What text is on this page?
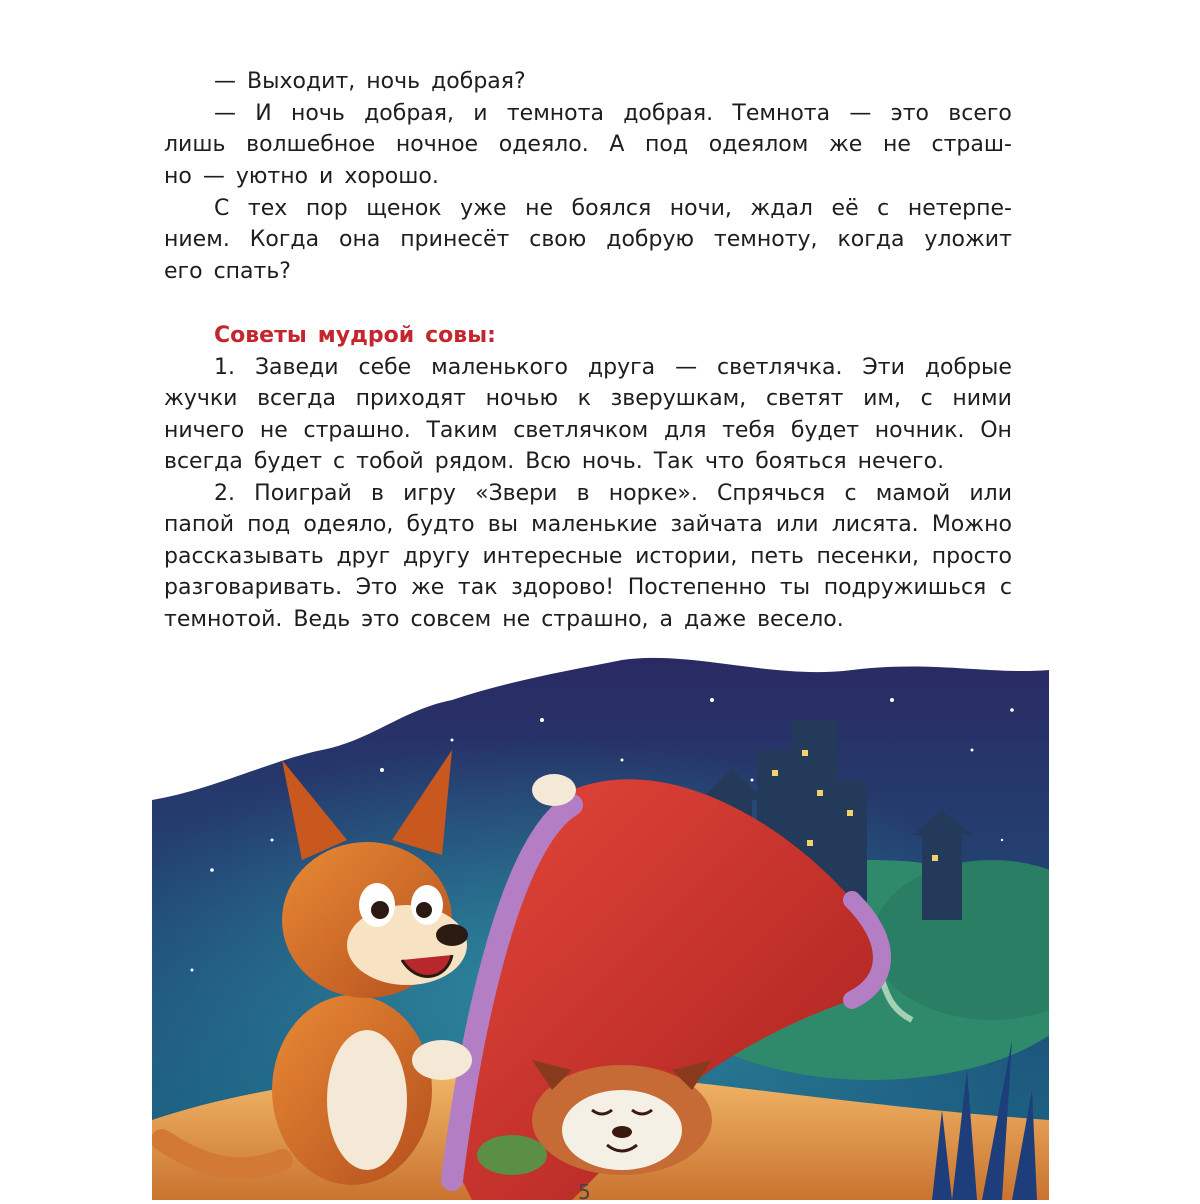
— Выходит, ночь добрая?
— И ночь добрая, и темнота добрая. Темнота — это всего
лишь волшебное ночное одеяло. А под одеялом же не страш-
но — уютно и хорошо.
С тех пор щенок уже не боялся ночи, ждал её с нетерпе-
нием. Когда она принесёт свою добрую темноту, когда уложит
его спать?
Советы мудрой совы:
1. Заведи себе маленького друга — светлячка. Эти добрые
жучки всегда приходят ночью к зверушкам, светят им, с ними
ничего не страшно. Таким светлячком для тебя будет ночник. Он
всегда будет с тобой рядом. Всю ночь. Так что бояться нечего.
2. Поиграй в игру «Звери в норке». Спрячься с мамой или
папой под одеяло, будто вы маленькие зайчата или лисята. Можно
рассказывать друг другу интересные истории, петь песенки, просто
разговаривать. Это же так здорово! Постепенно ты подружишься с
темнотой. Ведь это совсем не страшно, а даже весело.
5
